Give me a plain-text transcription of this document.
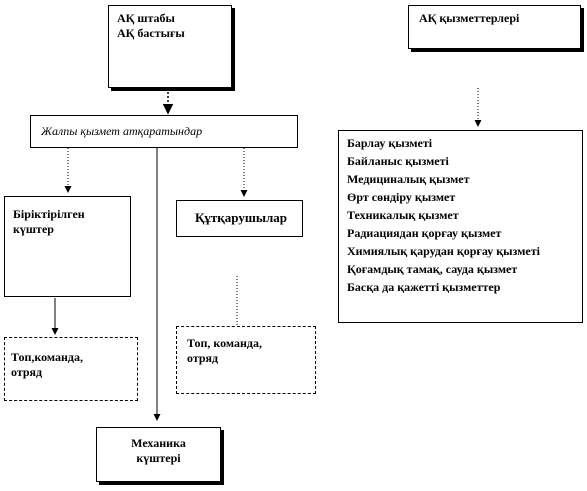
АҚ штабы
АҚ бастығы
АҚ қызметтерлері
Жалпы қызмет атқаратындар
Біріктірілген
күштер
Құтқарушылар
Барлау қызметі
Байланыс қызметі
Медициналық қызмет
Өрт сөндіру қызмет
Техникалық қызмет
Радиациядан қорғау қызмет
Химиялық қарудан қорғау қызметі
Қоғамдық тамақ, сауда қызмет
Басқа да қажетті қызметтер
Топ,команда,
отряд
Топ, команда,
отряд
Механика
күштері
